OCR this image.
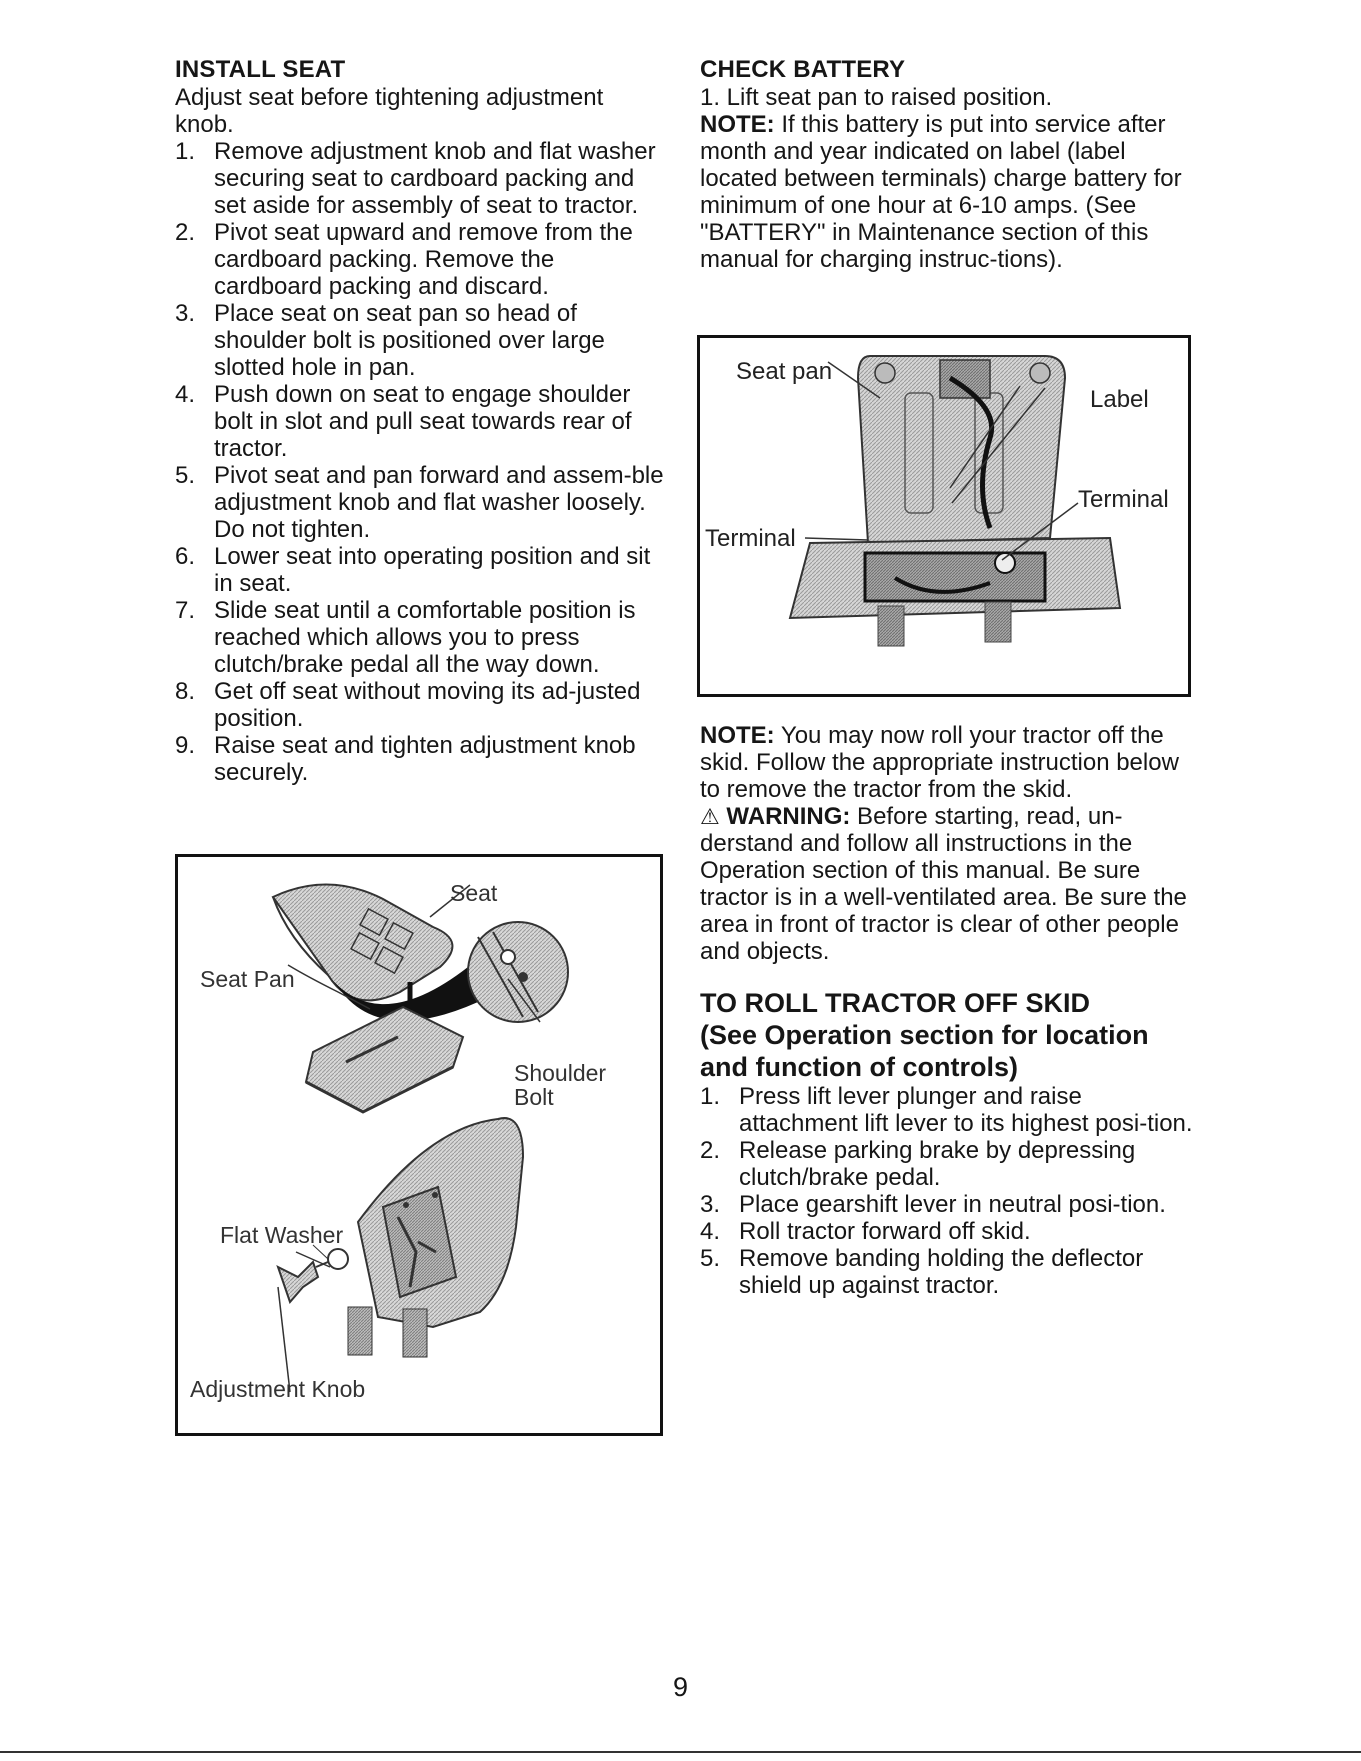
INSTALL SEAT

Adjust seat before tightening adjustment knob.

1. Remove adjustment knob and flat washer securing seat to cardboard packing and set aside for assembly of seat to tractor.
2. Pivot seat upward and remove from the cardboard packing. Remove the cardboard packing and discard.
3. Place seat on seat pan so head of shoulder bolt is positioned over large slotted hole in pan.
4. Push down on seat to engage shoulder bolt in slot and pull seat towards rear of tractor.
5. Pivot seat and pan forward and assem-ble adjustment knob and flat washer loosely. Do not tighten.
6. Lower seat into operating position and sit in seat.
7. Slide seat until a comfortable position is reached which allows you to press clutch/brake pedal all the way down.
8. Get off seat without moving its ad-justed position.
9. Raise seat and tighten adjustment knob securely.
Seat
Seat Pan
Shoulder
Bolt
Flat Washer
Adjustment Knob
CHECK BATTERY

1. Lift seat pan to raised position.

NOTE: If this battery is put into service after month and year indicated on label (label located between terminals) charge battery for minimum of one hour at 6-10 amps. (See "BATTERY" in Maintenance section of this manual for charging instruc-tions).

Seat pan
Label
Terminal
Terminal

NOTE: You may now roll your tractor off the skid. Follow the appropriate instruction below to remove the tractor from the skid.

⚠ WARNING: Before starting, read, un-derstand and follow all instructions in the Operation section of this manual. Be sure tractor is in a well-ventilated area. Be sure the area in front of tractor is clear of other people and objects.

TO ROLL TRACTOR OFF SKID
(See Operation section for location
and function of controls)
1. Press lift lever plunger and raise attachment lift lever to its highest posi-tion.
2. Release parking brake by depressing clutch/brake pedal.
3. Place gearshift lever in neutral posi-tion.
4. Roll tractor forward off skid.
5. Remove banding holding the deflector shield up against tractor.
9
